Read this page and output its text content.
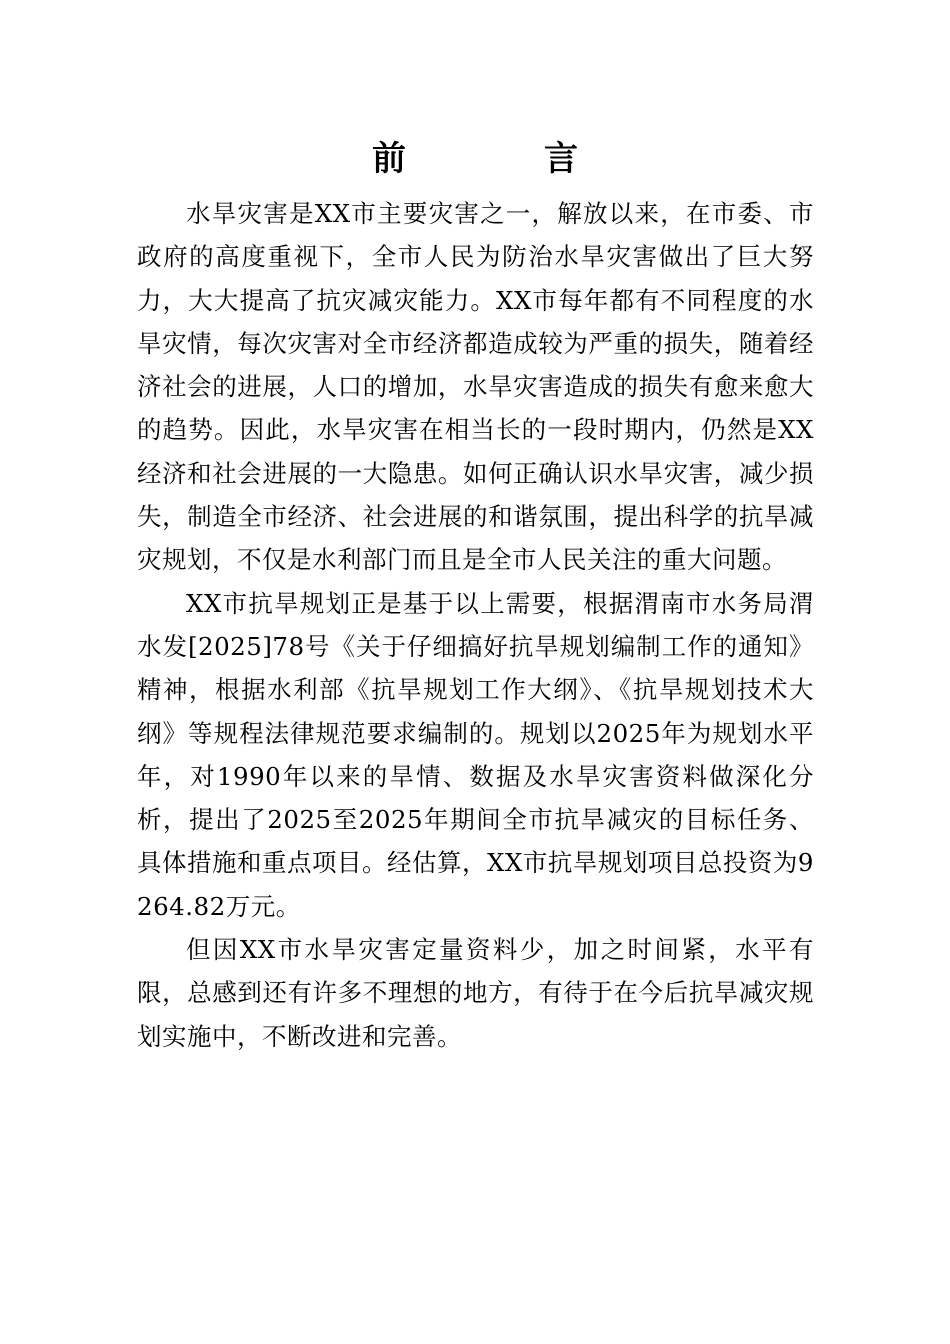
前　言

水旱灾害是XX市主要灾害之一，解放以来，在市委、市政府的高度重视下，全市人民为防治水旱灾害做出了巨大努力，大大提高了抗灾减灾能力。XX市每年都有不同程度的水旱灾情，每次灾害对全市经济都造成较为严重的损失，随着经济社会的进展，人口的增加，水旱灾害造成的损失有愈来愈大的趋势。因此，水旱灾害在相当长的一段时期内，仍然是XX经济和社会进展的一大隐患。如何正确认识水旱灾害，减少损失，制造全市经济、社会进展的和谐氛围，提出科学的抗旱减灾规划，不仅是水利部门而且是全市人民关注的重大问题。

XX市抗旱规划正是基于以上需要，根据渭南市水务局渭水发[2025]78号《关于仔细搞好抗旱规划编制工作的通知》精神，根据水利部《抗旱规划工作大纲》、《抗旱规划技术大纲》等规程法律规范要求编制的。规划以2025年为规划水平年，对1990年以来的旱情、数据及水旱灾害资料做深化分析，提出了2025至2025年期间全市抗旱减灾的目标任务、具体措施和重点项目。经估算，XX市抗旱规划项目总投资为9264.82万元。

但因XX市水旱灾害定量资料少，加之时间紧，水平有限，总感到还有许多不理想的地方，有待于在今后抗旱减灾规划实施中，不断改进和完善。
